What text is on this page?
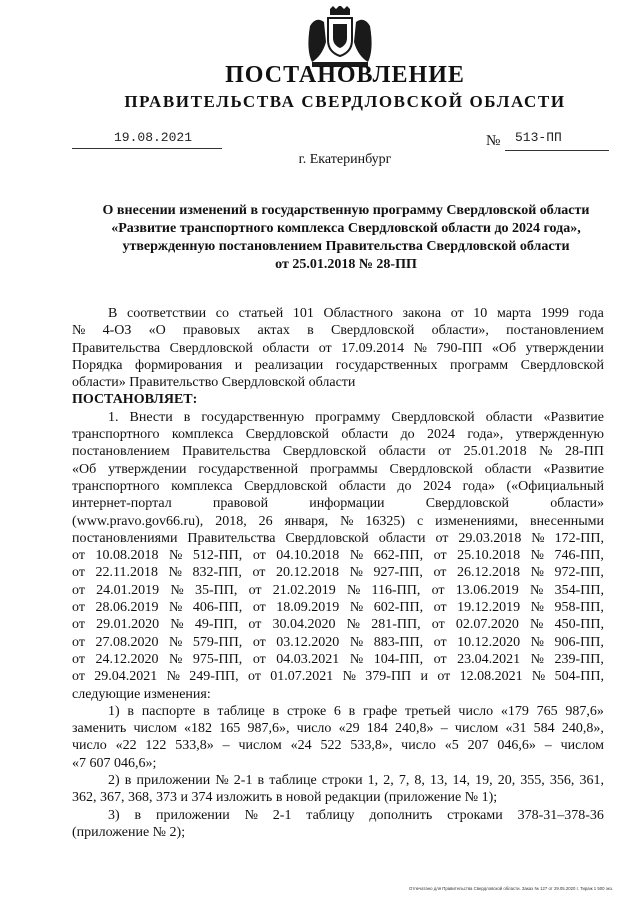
ПОСТАНОВЛЕНИЕ
ПРАВИТЕЛЬСТВА СВЕРДЛОВСКОЙ ОБЛАСТИ
19.08.2021	№ 513-ПП
г. Екатеринбург
О внесении изменений в государственную программу Свердловской области
«Развитие транспортного комплекса Свердловской области до 2024 года»,
утвержденную постановлением Правительства Свердловской области
от 25.01.2018 № 28-ПП
В соответствии со статьей 101 Областного закона от 10 марта 1999 года
№ 4-ОЗ «О правовых актах в Свердловской области», постановлением
Правительства Свердловской области от 17.09.2014 № 790-ПП «Об утверждении
Порядка формирования и реализации государственных программ Свердловской
области» Правительство Свердловской области
ПОСТАНОВЛЯЕТ:
1. Внести в государственную программу Свердловской области «Развитие
транспортного комплекса Свердловской области до 2024 года», утвержденную
постановлением Правительства Свердловской области от 25.01.2018 № 28-ПП
«Об утверждении государственной программы Свердловской области «Развитие
транспортного комплекса Свердловской области до 2024 года» («Официальный
интернет-портал	правовой	информации	Свердловской	области»
(www.pravo.gov66.ru), 2018, 26 января, № 16325) с изменениями, внесенными
постановлениями Правительства Свердловской области от 29.03.2018 № 172-ПП,
от 10.08.2018 № 512-ПП, от 04.10.2018 № 662-ПП, от 25.10.2018 № 746-ПП,
от 22.11.2018 № 832-ПП, от 20.12.2018 № 927-ПП, от 26.12.2018 № 972-ПП,
от 24.01.2019 № 35-ПП, от 21.02.2019 № 116-ПП, от 13.06.2019 № 354-ПП,
от 28.06.2019 № 406-ПП, от 18.09.2019 № 602-ПП, от 19.12.2019 № 958-ПП,
от 29.01.2020 № 49-ПП, от 30.04.2020 № 281-ПП, от 02.07.2020 № 450-ПП,
от 27.08.2020 № 579-ПП, от 03.12.2020 № 883-ПП, от 10.12.2020 № 906-ПП,
от 24.12.2020 № 975-ПП, от 04.03.2021 № 104-ПП, от 23.04.2021 № 239-ПП,
от 29.04.2021 № 249-ПП, от 01.07.2021 № 379-ПП и от 12.08.2021 № 504-ПП,
следующие изменения:
1) в паспорте в таблице в строке 6 в графе третьей число «179 765 987,6»
заменить числом «182 165 987,6», число «29 184 240,8» – числом «31 584 240,8»,
число «22 122 533,8» – числом «24 522 533,8», число «5 207 046,6» – числом
«7 607 046,6»;
2) в приложении № 2-1 в таблице строки 1, 2, 7, 8, 13, 14, 19, 20, 355, 356, 361,
362, 367, 368, 373 и 374 изложить в новой редакции (приложение № 1);
3) в приложении № 2-1 таблицу дополнить строками 378-31–378-36
(приложение № 2);
Отпечатано для Правительства Свердловской области. Заказ № 127 от 29.05.2020 г. Тираж 1 500 экз.
